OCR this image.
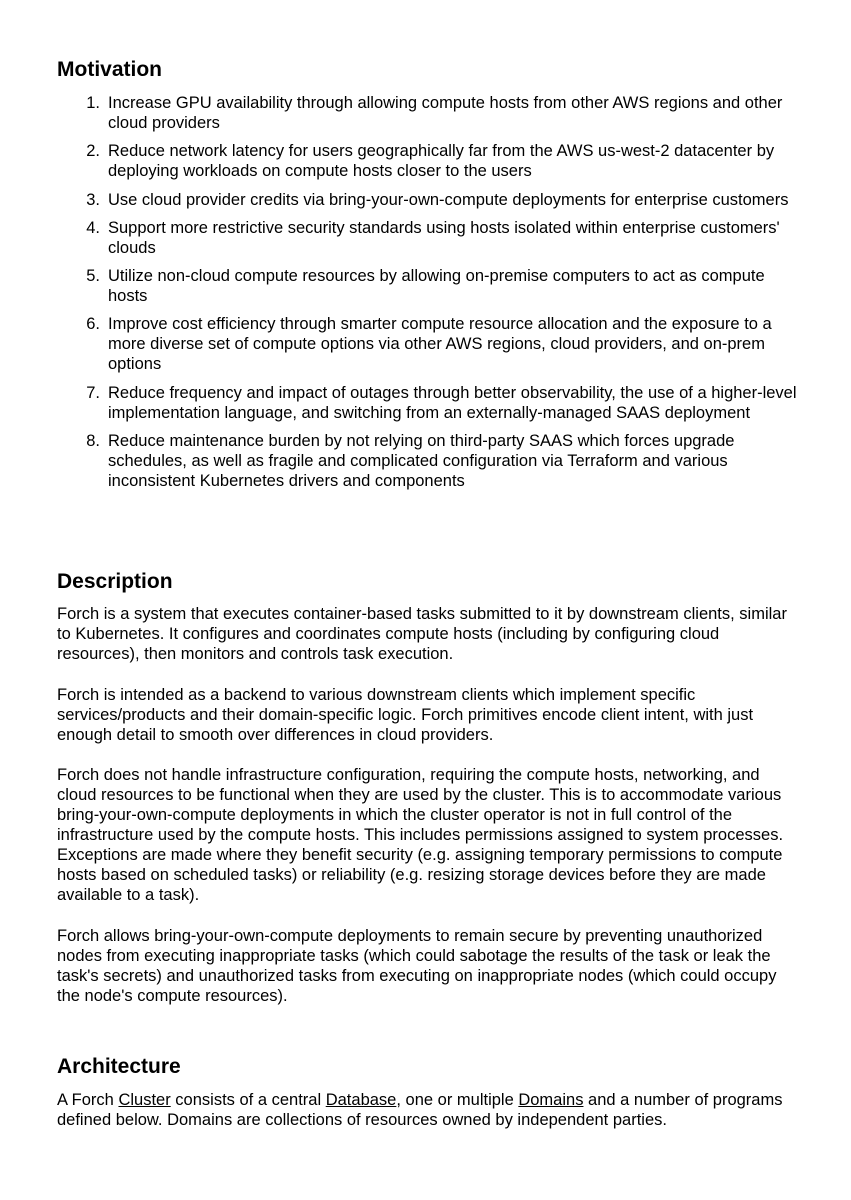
Motivation
1. Increase GPU availability through allowing compute hosts from other AWS regions and other cloud providers
2. Reduce network latency for users geographically far from the AWS us-west-2 datacenter by deploying workloads on compute hosts closer to the users
3. Use cloud provider credits via bring-your-own-compute deployments for enterprise customers
4. Support more restrictive security standards using hosts isolated within enterprise customers' clouds
5. Utilize non-cloud compute resources by allowing on-premise computers to act as compute hosts
6. Improve cost efficiency through smarter compute resource allocation and the exposure to a more diverse set of compute options via other AWS regions, cloud providers, and on-prem options
7. Reduce frequency and impact of outages through better observability, the use of a higher-level implementation language, and switching from an externally-managed SAAS deployment
8. Reduce maintenance burden by not relying on third-party SAAS which forces upgrade schedules, as well as fragile and complicated configuration via Terraform and various inconsistent Kubernetes drivers and components
Description

Forch is a system that executes container-based tasks submitted to it by downstream clients, similar to Kubernetes. It configures and coordinates compute hosts (including by configuring cloud resources), then monitors and controls task execution.

Forch is intended as a backend to various downstream clients which implement specific services/products and their domain-specific logic. Forch primitives encode client intent, with just enough detail to smooth over differences in cloud providers.

Forch does not handle infrastructure configuration, requiring the compute hosts, networking, and cloud resources to be functional when they are used by the cluster. This is to accommodate various bring-your-own-compute deployments in which the cluster operator is not in full control of the infrastructure used by the compute hosts. This includes permissions assigned to system processes. Exceptions are made where they benefit security (e.g. assigning temporary permissions to compute hosts based on scheduled tasks) or reliability (e.g. resizing storage devices before they are made available to a task).

Forch allows bring-your-own-compute deployments to remain secure by preventing unauthorized nodes from executing inappropriate tasks (which could sabotage the results of the task or leak the task's secrets) and unauthorized tasks from executing on inappropriate nodes (which could occupy the node's compute resources).

Architecture

A Forch Cluster consists of a central Database, one or multiple Domains and a number of programs defined below. Domains are collections of resources owned by independent parties.
